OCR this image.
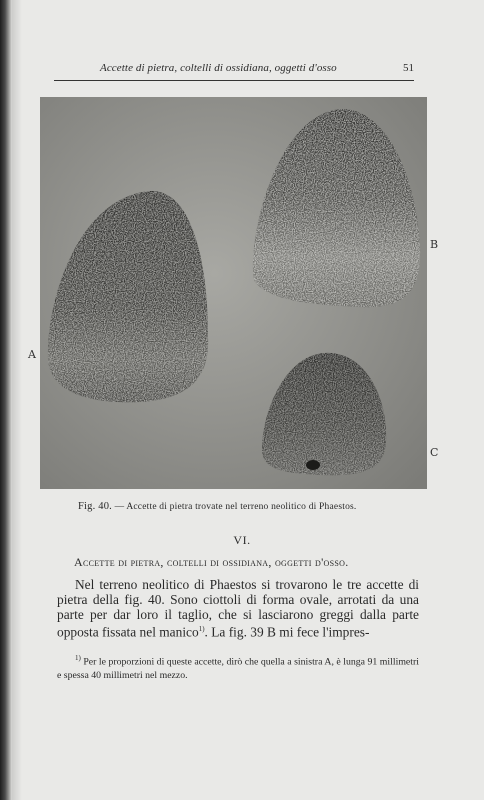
Accette di pietra, coltelli di ossidiana, oggetti d'osso	51
A
B
C
Fig. 40. — Accette di pietra trovate nel terreno neolitico di Phaestos.
VI.
Accette di pietra, coltelli di ossidiana, oggetti d'osso.
Nel terreno neolitico di Phaestos si trovarono le tre accette di pietra della fig. 40. Sono ciottoli di forma ovale, arrotati da una parte per dar loro il taglio, che si lasciarono greggi dalla parte opposta fissata nel manico$^{1)}$. La fig. 39 B mi fece l'impres-
$^{1)}$ Per le proporzioni di queste accette, dirò che quella a sinistra A, è lunga 91 millimetri e spessa 40 millimetri nel mezzo.
